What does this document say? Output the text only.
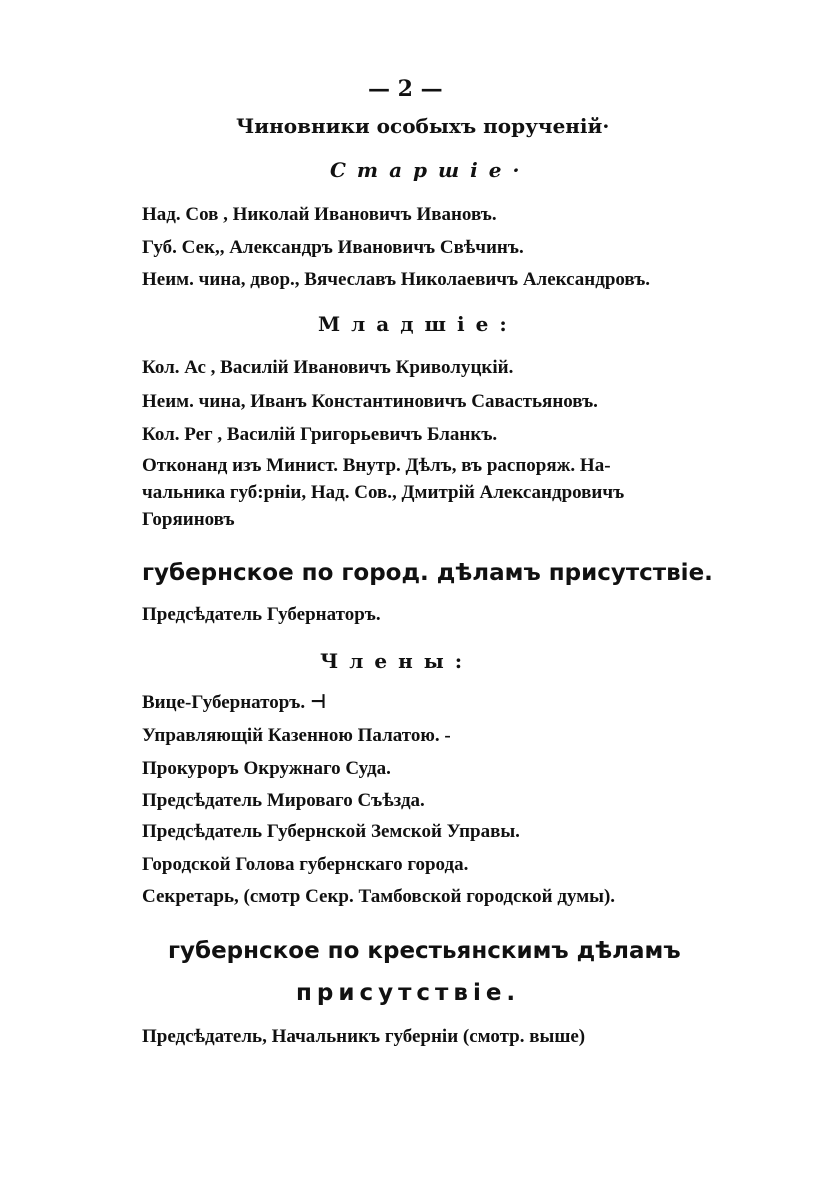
— 2 —
Чиновники особыхъ порученій·
Старшіе·
Над. Сов , Николай Ивановичъ Ивановъ.
Губ. Сек,, Александръ Ивановичъ Свѣчинъ.
Неим. чина, двор., Вячеславъ Николаевичъ Александровъ.
Младшіе:
Кол. Ас , Василій Ивановичъ Криволуцкій.
Неим. чина, Иванъ Константиновичъ Савастьяновъ.
Кол. Рег , Василій Григорьевичъ Бланкъ.
Отконанд изъ Минист. Внутр. Дѣлъ, въ распоряж. На-
чальника губ:рніи, Над. Сов., Дмитрій Александровичъ
Горяиновъ
губернское по город. дѣламъ присутствіе.
Предсѣдатель Губернаторъ.
Члены:
Вице-Губернаторъ. ⊣
Управляющій Казенною Палатою. -
Прокуроръ Окружнаго Суда.
Предсѣдатель Мироваго Съѣзда.
Предсѣдатель Губернской Земской Управы.
Городской Голова губернскаго города.
Секретарь, (смотр Секр. Тамбовской городской думы).
губернское по крестьянскимъ дѣламъ
присутствіе.
Предсѣдатель, Начальникъ губерніи (смотр. выше)
